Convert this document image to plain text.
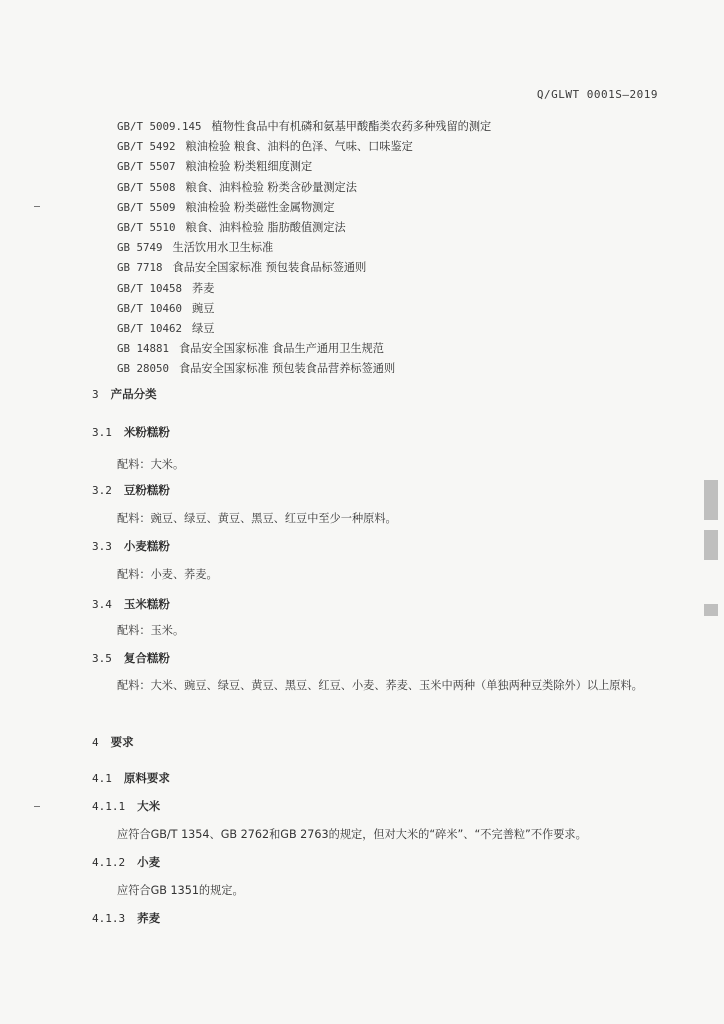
Q/GLWT 0001S—2019
GB/T 5009.145 植物性食品中有机磷和氨基甲酸酯类农药多种残留的测定
GB/T 5492 粮油检验 粮食、油料的色泽、气味、口味鉴定
GB/T 5507 粮油检验 粉类粗细度测定
GB/T 5508 粮食、油料检验 粉类含砂量测定法
GB/T 5509 粮油检验 粉类磁性金属物测定
GB/T 5510 粮食、油料检验 脂肪酸值测定法
GB 5749 生活饮用水卫生标准
GB 7718 食品安全国家标准 预包装食品标签通则
GB/T 10458 荞麦
GB/T 10460 豌豆
GB/T 10462 绿豆
GB 14881 食品安全国家标准 食品生产通用卫生规范
GB 28050 食品安全国家标准 预包装食品营养标签通则
3 产品分类
3.1 米粉糕粉
配料：大米。
3.2 豆粉糕粉
配料：豌豆、绿豆、黄豆、黑豆、红豆中至少一种原料。
3.3 小麦糕粉
配料：小麦、荞麦。
3.4 玉米糕粉
配料：玉米。
3.5 复合糕粉
配料：大米、豌豆、绿豆、黄豆、黑豆、红豆、小麦、荞麦、玉米中两种（单独两种豆类除外）以上原料。
4 要求
4.1 原料要求
4.1.1 大米
应符合GB/T 1354、GB 2762和GB 2763的规定，但对大米的“碎米”、“不完善粒”不作要求。
4.1.2 小麦
应符合GB 1351的规定。
4.1.3 荞麦
